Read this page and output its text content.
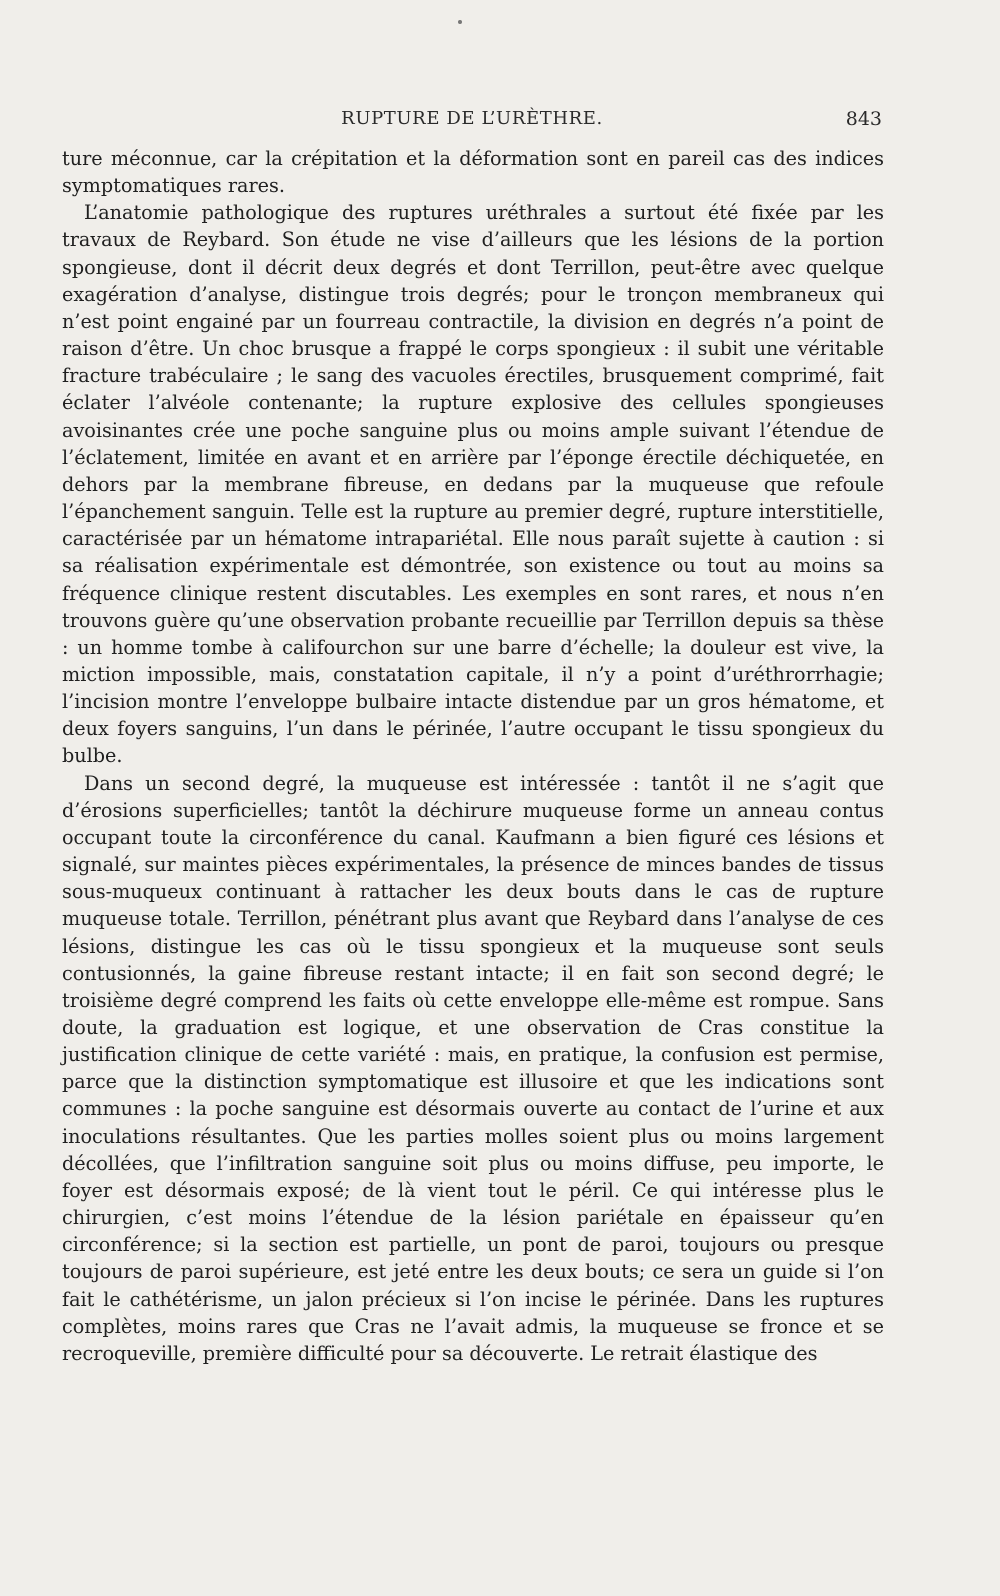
RUPTURE DE L’URÈTHRE.	843

ture méconnue, car la crépitation et la déformation sont en pareil cas des indices symptomatiques rares.

L’anatomie pathologique des ruptures uréthrales a surtout été fixée par les travaux de Reybard. Son étude ne vise d’ailleurs que les lésions de la portion spongieuse, dont il décrit deux degrés et dont Terrillon, peut-être avec quelque exagération d’analyse, distingue trois degrés; pour le tronçon membraneux qui n’est point engainé par un fourreau contractile, la division en degrés n’a point de raison d’être. Un choc brusque a frappé le corps spongieux : il subit une véritable fracture trabéculaire ; le sang des vacuoles érectiles, brusquement comprimé, fait éclater l’alvéole contenante; la rupture explosive des cellules spongieuses avoisinantes crée une poche sanguine plus ou moins ample suivant l’étendue de l’éclatement, limitée en avant et en arrière par l’éponge érectile déchiquetée, en dehors par la membrane fibreuse, en dedans par la muqueuse que refoule l’épanchement sanguin. Telle est la rupture au premier degré, rupture interstitielle, caractérisée par un hématome intrapariétal. Elle nous paraît sujette à caution : si sa réalisation expérimentale est démontrée, son existence ou tout au moins sa fréquence clinique restent discutables. Les exemples en sont rares, et nous n’en trouvons guère qu’une observation probante recueillie par Terrillon depuis sa thèse : un homme tombe à califourchon sur une barre d’échelle; la douleur est vive, la miction impossible, mais, constatation capitale, il n’y a point d’uréthrorrhagie; l’incision montre l’enveloppe bulbaire intacte distendue par un gros hématome, et deux foyers sanguins, l’un dans le périnée, l’autre occupant le tissu spongieux du bulbe.

Dans un second degré, la muqueuse est intéressée : tantôt il ne s’agit que d’érosions superficielles; tantôt la déchirure muqueuse forme un anneau contus occupant toute la circonférence du canal. Kaufmann a bien figuré ces lésions et signalé, sur maintes pièces expérimentales, la présence de minces bandes de tissus sous-muqueux continuant à rattacher les deux bouts dans le cas de rupture muqueuse totale. Terrillon, pénétrant plus avant que Reybard dans l’analyse de ces lésions, distingue les cas où le tissu spongieux et la muqueuse sont seuls contusionnés, la gaine fibreuse restant intacte; il en fait son second degré; le troisième degré comprend les faits où cette enveloppe elle-même est rompue. Sans doute, la graduation est logique, et une observation de Cras constitue la justification clinique de cette variété : mais, en pratique, la confusion est permise, parce que la distinction symptomatique est illusoire et que les indications sont communes : la poche sanguine est désormais ouverte au contact de l’urine et aux inoculations résultantes. Que les parties molles soient plus ou moins largement décollées, que l’infiltration sanguine soit plus ou moins diffuse, peu importe, le foyer est désormais exposé; de là vient tout le péril. Ce qui intéresse plus le chirurgien, c’est moins l’étendue de la lésion pariétale en épaisseur qu’en circonférence; si la section est partielle, un pont de paroi, toujours ou presque toujours de paroi supérieure, est jeté entre les deux bouts; ce sera un guide si l’on fait le cathétérisme, un jalon précieux si l’on incise le périnée. Dans les ruptures complètes, moins rares que Cras ne l’avait admis, la muqueuse se fronce et se recroqueville, première difficulté pour sa découverte. Le retrait élastique des
